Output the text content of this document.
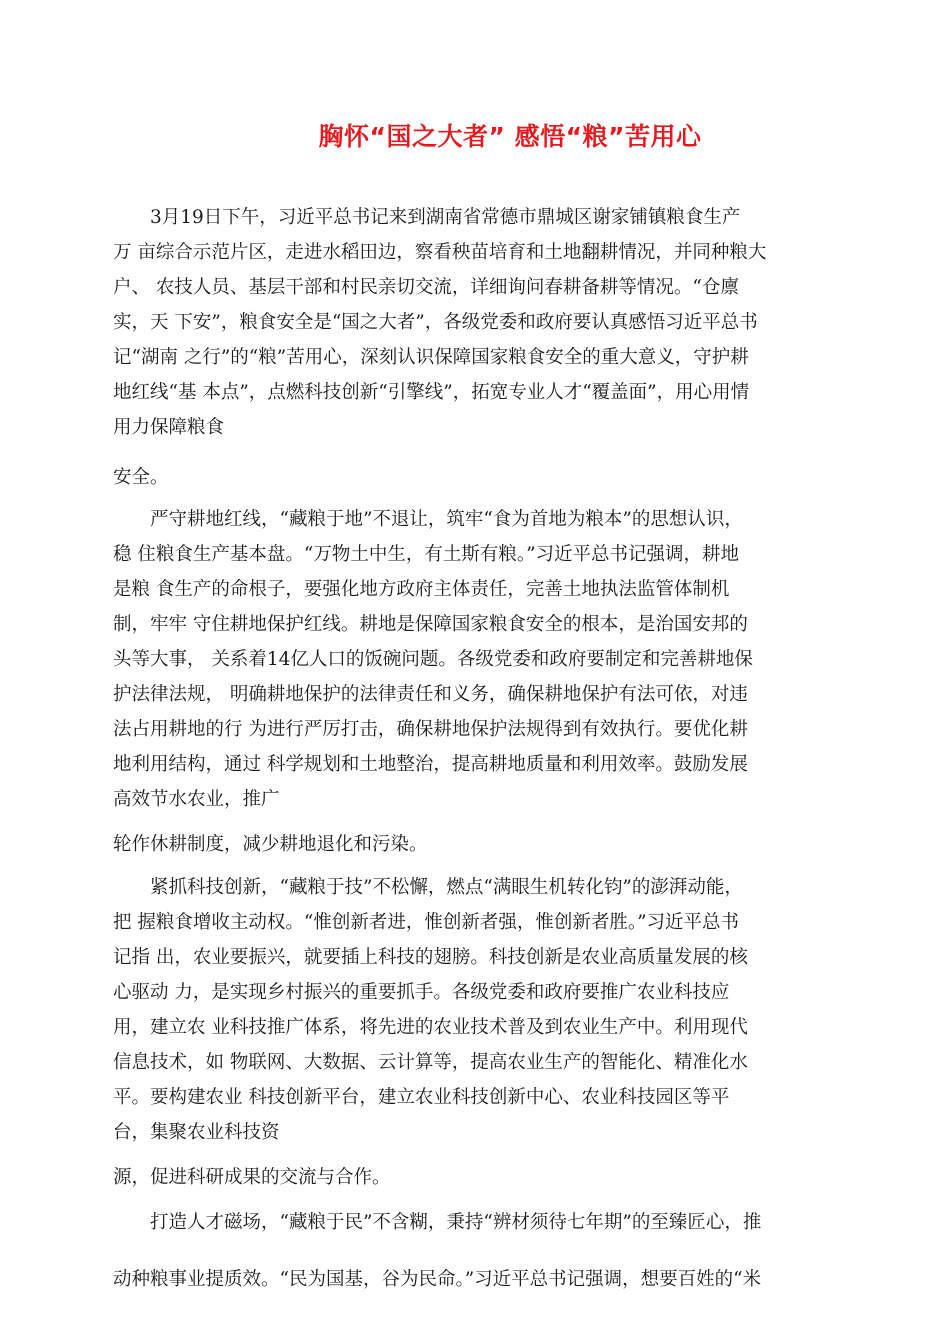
胸怀“国之大者” 感悟“粮”苦用心
3月19日下午，习近平总书记来到湖南省常德市鼎城区谢家铺镇粮食生产
万 亩综合示范片区，走进水稻田边，察看秧苗培育和土地翻耕情况，并同种粮大
户、 农技人员、基层干部和村民亲切交流，详细询问春耕备耕等情况。“仓廪
实，天 下安”，粮食安全是“国之大者”，各级党委和政府要认真感悟习近平总书
记“湖南 之行”的“粮”苦用心，深刻认识保障国家粮食安全的重大意义，守护耕
地红线“基 本点”，点燃科技创新“引擎线”，拓宽专业人才“覆盖面”，用心用情
用力保障粮食
安全。
严守耕地红线，“藏粮于地”不退让，筑牢“食为首地为粮本”的思想认识，
稳 住粮食生产基本盘。“万物土中生，有土斯有粮。”习近平总书记强调，耕地
是粮 食生产的命根子，要强化地方政府主体责任，完善土地执法监管体制机
制，牢牢 守住耕地保护红线。耕地是保障国家粮食安全的根本，是治国安邦的
头等大事， 关系着14亿人口的饭碗问题。各级党委和政府要制定和完善耕地保
护法律法规， 明确耕地保护的法律责任和义务，确保耕地保护有法可依，对违
法占用耕地的行 为进行严厉打击，确保耕地保护法规得到有效执行。要优化耕
地利用结构，通过 科学规划和土地整治，提高耕地质量和利用效率。鼓励发展
高效节水农业，推广
轮作休耕制度，减少耕地退化和污染。
紧抓科技创新，“藏粮于技”不松懈，燃点“满眼生机转化钧”的澎湃动能，
把 握粮食增收主动权。“惟创新者进，惟创新者强，惟创新者胜。”习近平总书
记指 出，农业要振兴，就要插上科技的翅膀。科技创新是农业高质量发展的核
心驱动 力，是实现乡村振兴的重要抓手。各级党委和政府要推广农业科技应
用，建立农 业科技推广体系，将先进的农业技术普及到农业生产中。利用现代
信息技术，如 物联网、大数据、云计算等，提高农业生产的智能化、精准化水
平。要构建农业 科技创新平台，建立农业科技创新中心、农业科技园区等平
台，集聚农业科技资
源，促进科研成果的交流与合作。
打造人才磁场，“藏粮于民”不含糊，秉持“辨材须待七年期”的至臻匠心，推
动种粮事业提质效。“民为国基，谷为民命。”习近平总书记强调，想要百姓的“米
